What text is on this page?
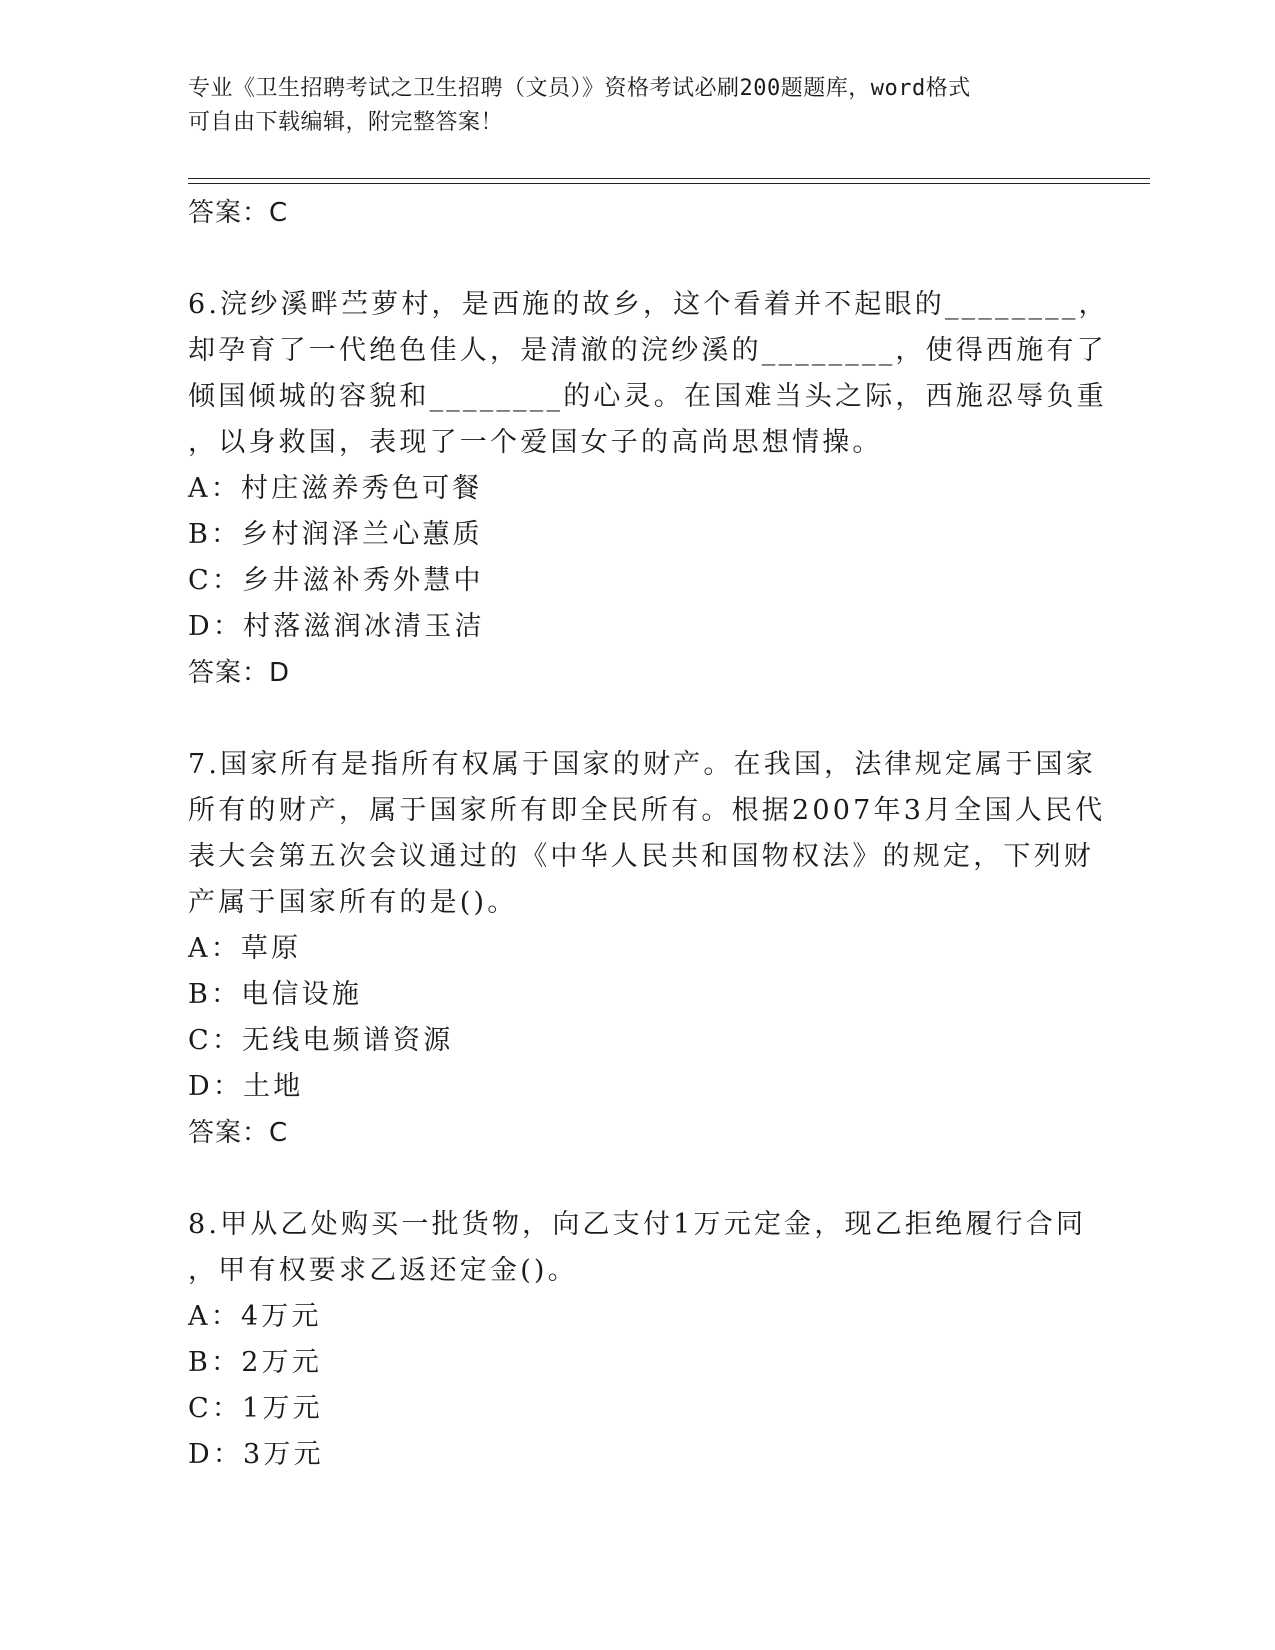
专业《卫生招聘考试之卫生招聘（文员）》资格考试必刷200题题库，word格式
可自由下载编辑，附完整答案！
答案：C
6.浣纱溪畔苎萝村，是西施的故乡，这个看着并不起眼的________，
却孕育了一代绝色佳人，是清澈的浣纱溪的________，使得西施有了
倾国倾城的容貌和________的心灵。在国难当头之际，西施忍辱负重
，以身救国，表现了一个爱国女子的高尚思想情操。
A：村庄滋养秀色可餐
B：乡村润泽兰心蕙质
C：乡井滋补秀外慧中
D：村落滋润冰清玉洁
答案：D
7.国家所有是指所有权属于国家的财产。在我国，法律规定属于国家
所有的财产，属于国家所有即全民所有。根据2007年3月全国人民代
表大会第五次会议通过的《中华人民共和国物权法》的规定，下列财
产属于国家所有的是()。
A：草原
B：电信设施
C：无线电频谱资源
D：土地
答案：C
8.甲从乙处购买一批货物，向乙支付1万元定金，现乙拒绝履行合同
，甲有权要求乙返还定金()。
A：4万元
B：2万元
C：1万元
D：3万元
